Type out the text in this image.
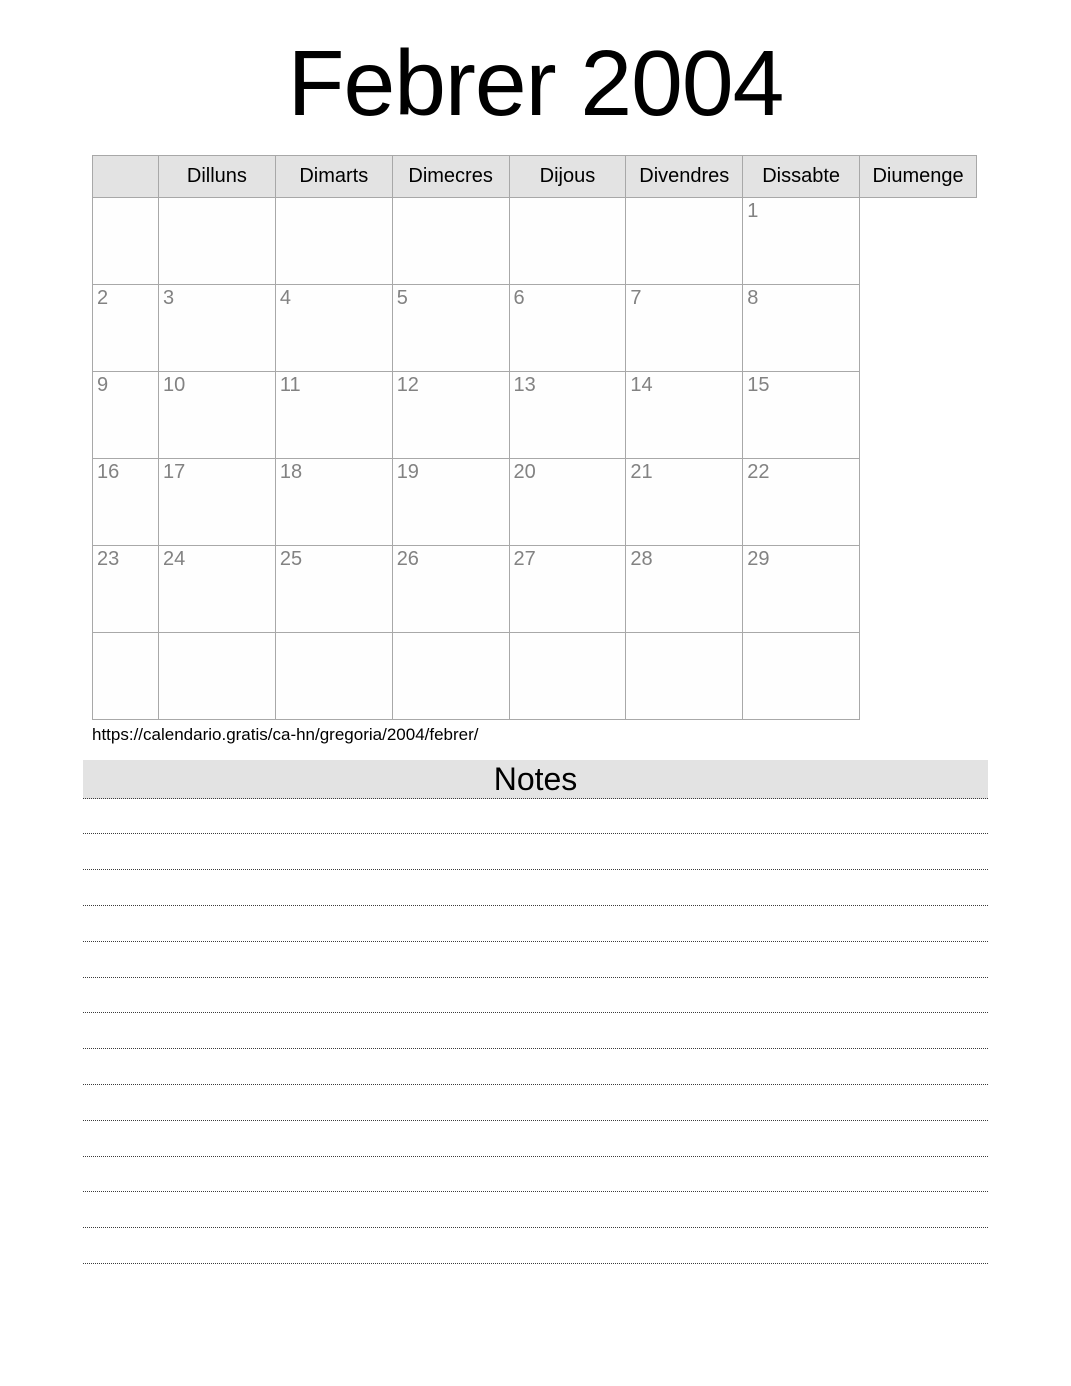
Febrer 2004
	Dilluns	Dimarts	Dimecres	Dijous	Divendres	Dissabte	Diumenge
						1	
2	3	4	5	6	7	8	
9	10	11	12	13	14	15	
16	17	18	19	20	21	22	
23	24	25	26	27	28	29	

https://calendario.gratis/ca-hn/gregoria/2004/febrer/
Notes
